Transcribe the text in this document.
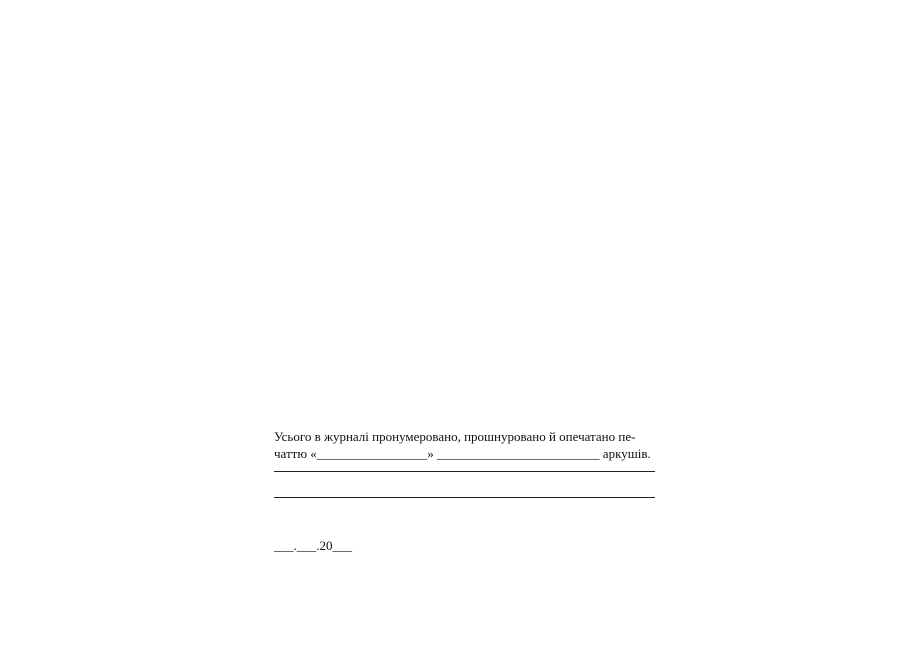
Усього в журналі пронумеровано, прошнуровано й опечатано пе-
чаттю «_________________» _________________________ аркушів.
___.___.20___
